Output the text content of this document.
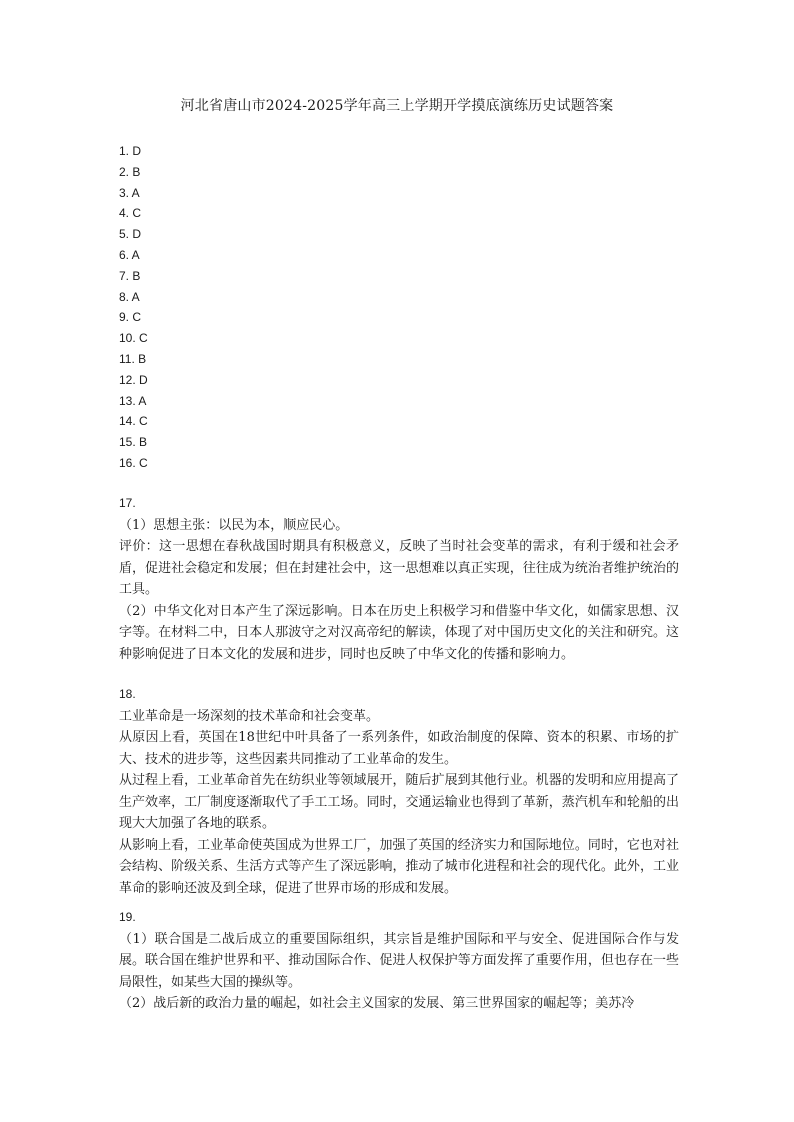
河北省唐山市2024-2025学年高三上学期开学摸底演练历史试题答案
1. D
2. B
3. A
4. C
5. D
6. A
7. B
8. A
9. C
10. C
11. B
12. D
13. A
14. C
15. B
16. C

17.

（1）思想主张：以民为本，顺应民心。

评价：这一思想在春秋战国时期具有积极意义，反映了当时社会变革的需求，有利于缓和社会矛盾，促进社会稳定和发展；但在封建社会中，这一思想难以真正实现，往往成为统治者维护统治的工具。

（2）中华文化对日本产生了深远影响。日本在历史上积极学习和借鉴中华文化，如儒家思想、汉字等。在材料二中，日本人那波守之对汉高帝纪的解读，体现了对中国历史文化的关注和研究。这种影响促进了日本文化的发展和进步，同时也反映了中华文化的传播和影响力。

18.

工业革命是一场深刻的技术革命和社会变革。

从原因上看，英国在18世纪中叶具备了一系列条件，如政治制度的保障、资本的积累、市场的扩大、技术的进步等，这些因素共同推动了工业革命的发生。

从过程上看，工业革命首先在纺织业等领域展开，随后扩展到其他行业。机器的发明和应用提高了生产效率，工厂制度逐渐取代了手工工场。同时，交通运输业也得到了革新，蒸汽机车和轮船的出现大大加强了各地的联系。

从影响上看，工业革命使英国成为世界工厂，加强了英国的经济实力和国际地位。同时，它也对社会结构、阶级关系、生活方式等产生了深远影响，推动了城市化进程和社会的现代化。此外，工业革命的影响还波及到全球，促进了世界市场的形成和发展。

19.

（1）联合国是二战后成立的重要国际组织，其宗旨是维护国际和平与安全、促进国际合作与发展。联合国在维护世界和平、推动国际合作、促进人权保护等方面发挥了重要作用，但也存在一些局限性，如某些大国的操纵等。

（2）战后新的政治力量的崛起，如社会主义国家的发展、第三世界国家的崛起等；美苏冷
